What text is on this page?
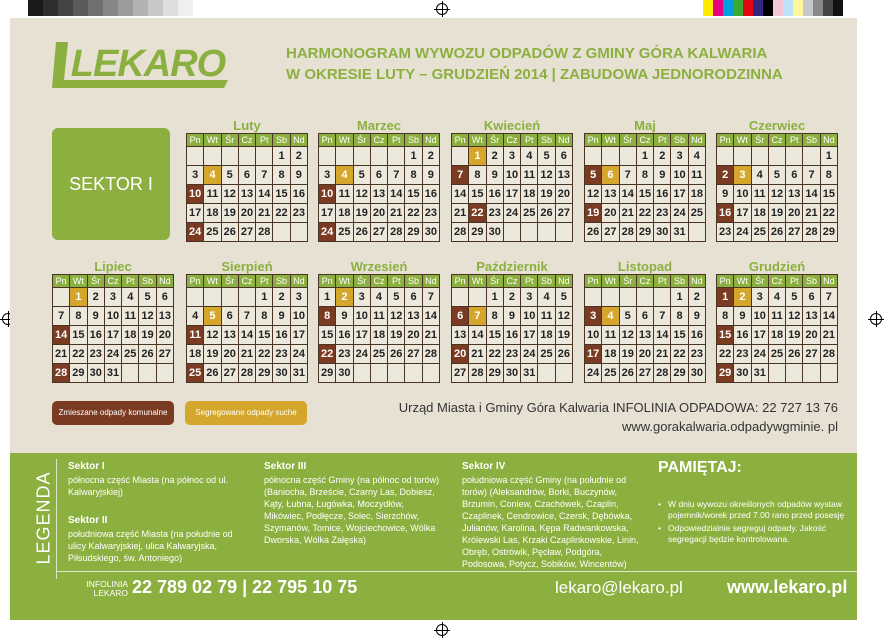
LEKARO	HARMONOGRAM WYWOZU ODPADÓW Z GMINY GÓRA KALWARIA
W OKRESIE LUTY – GRUDZIEŃ 2014 | ZABUDOWA JEDNORODZINNA
SEKTOR I
Luty
Pn	Wt	Śr	Cz	Pt	Sb	Nd
					1	2
3	4	5	6	7	8	9
10	11	12	13	14	15	16
17	18	19	20	21	22	23
24	25	26	27	28		
Marzec
Pn	Wt	Śr	Cz	Pt	Sb	Nd
					1	2
3	4	5	6	7	8	9
10	11	12	13	14	15	16
17	18	19	20	21	22	23
24	25	26	27	28	29	30
Kwiecień
Pn	Wt	Śr	Cz	Pt	Sb	Nd
	1	2	3	4	5	6
7	8	9	10	11	12	13
14	15	16	17	18	19	20
21	22	23	24	25	26	27
28	29	30				
Maj
Pn	Wt	Śr	Cz	Pt	Sb	Nd
			1	2	3	4
5	6	7	8	9	10	11
12	13	14	15	16	17	18
19	20	21	22	23	24	25
26	27	28	29	30	31	
Czerwiec
Pn	Wt	Śr	Cz	Pt	Sb	Nd
						1
2	3	4	5	6	7	8
9	10	11	12	13	14	15
16	17	18	19	20	21	22
23	24	25	26	27	28	29
Lipiec
Pn	Wt	Śr	Cz	Pt	Sb	Nd
	1	2	3	4	5	6
7	8	9	10	11	12	13
14	15	16	17	18	19	20
21	22	23	24	25	26	27
28	29	30	31			
Sierpień
Pn	Wt	Śr	Cz	Pt	Sb	Nd
				1	2	3
4	5	6	7	8	9	10
11	12	13	14	15	16	17
18	19	20	21	22	23	24
25	26	27	28	29	30	31
Wrzesień
Pn	Wt	Śr	Cz	Pt	Sb	Nd
1	2	3	4	5	6	7
8	9	10	11	12	13	14
15	16	17	18	19	20	21
22	23	24	25	26	27	28
29	30					
Październik
Pn	Wt	Śr	Cz	Pt	Sb	Nd
		1	2	3	4	5
6	7	8	9	10	11	12
13	14	15	16	17	18	19
20	21	22	23	24	25	26
27	28	29	30	31		
Listopad
Pn	Wt	Śr	Cz	Pt	Sb	Nd
					1	2
3	4	5	6	7	8	9
10	11	12	13	14	15	16
17	18	19	20	21	22	23
24	25	26	27	28	29	30
Grudzień
Pn	Wt	Śr	Cz	Pt	Sb	Nd
1	2	3	4	5	6	7
8	9	10	11	12	13	14
15	16	17	18	19	20	21
22	23	24	25	26	27	28
29	30	31				
Zmieszane odpady komunalne	Segregowane odpady suche	Urząd Miasta i Gminy Góra Kalwaria INFOLINIA ODPADOWA: 22 727 13 76
www.gorakalwaria.odpadywgminie. pl
LEGENDA
Sektor I
północna część Miasta (na północ od ul. Kalwaryjskiej)
Sektor II
południowa część Miasta (na południe od ulicy Kalwaryjskiej, ulica Kalwaryjska, Piłsudskiego, św. Antoniego)
Sektor III
północna część Gminy (na północ od torów) (Baniocha, Brzeście, Czarny Las, Dobiesz, Kąty, Łubna, Ługówka, Moczydłów, Mikówiec, Podłęcze, Solec, Sierzchów, Szymanów, Tomice, Wojciechowice, Wólka Dworska, Wólka Załęska)
Sektor IV
południowa część Gminy (na południe od torów) (Aleksandrów, Borki, Buczynów, Brzumin, Coniew, Czachówek, Czaplin, Czaplinek, Cendrowice, Czersk, Dębówka, Julianów, Karolina, Kępa Radwankowska, Królewski Las, Krzaki Czaplinkowskie, Linin, Obręb, Ostrówik, Pęcław, Podgóra, Podosowa, Potycz, Sobików, Wincentów)
PAMIĘTAJ:
• W dniu wywozu określonych odpadów wystaw pojemnik/worek przed 7.00 rano przed posesję
• Odpowiedzialnie segreguj odpady. Jakość segregacji będzie kontrolowana.
INFOLINIA LEKARO 22 789 02 79 | 22 795 10 75	lekaro@lekaro.pl www.lekaro.pl
